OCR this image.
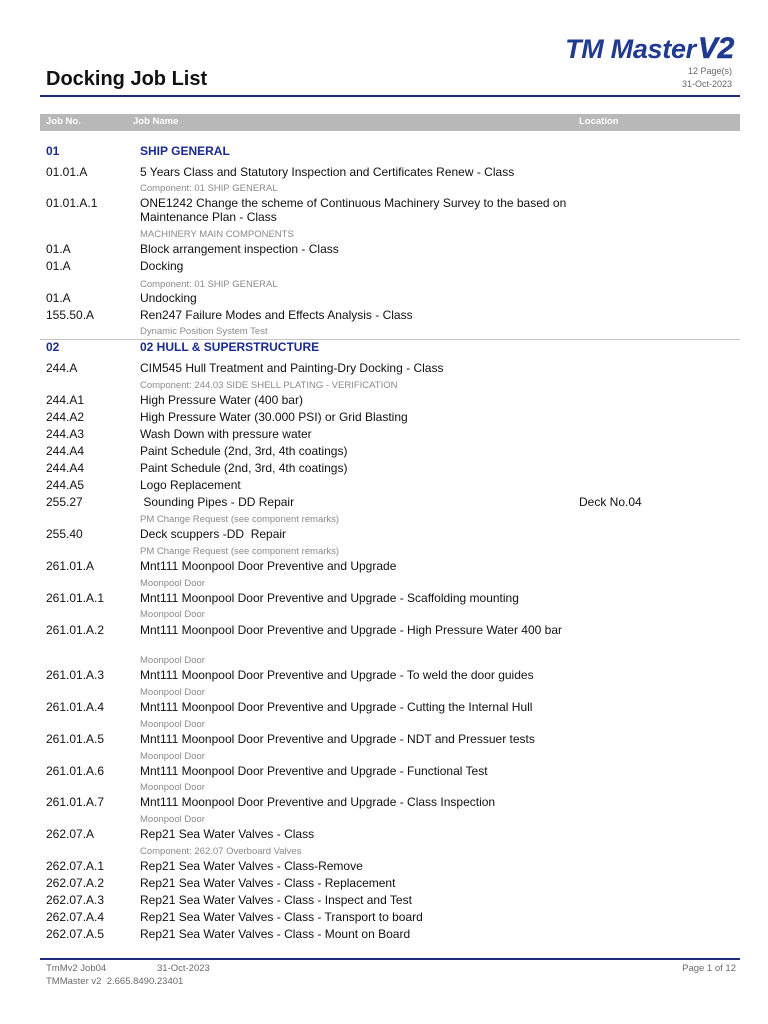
Docking Job List
TM MasterV2
12 Page(s)
31-Oct-2023
Job No.	Job Name	Location
01	SHIP GENERAL
01.01.A	5 Years Class and Statutory Inspection and Certificates Renew - Class
Component: 01 SHIP GENERAL
01.01.A.1	ONE1242 Change the scheme of Continuous Machinery Survey to the based on Maintenance Plan - Class
MACHINERY MAIN COMPONENTS
01.A	Block arrangement inspection - Class
01.A	Docking
Component: 01 SHIP GENERAL
01.A	Undocking
155.50.A	Ren247 Failure Modes and Effects Analysis - Class
Dynamic Position System Test
02	02 HULL & SUPERSTRUCTURE
244.A	CIM545 Hull Treatment and Painting-Dry Docking - Class
Component: 244.03 SIDE SHELL PLATING - VERIFICATION
244.A1	High Pressure Water (400 bar)
244.A2	High Pressure Water (30.000 PSI) or Grid Blasting
244.A3	Wash Down with pressure water
244.A4	Paint Schedule (2nd, 3rd, 4th coatings)
244.A4	Paint Schedule (2nd, 3rd, 4th coatings)
244.A5	Logo Replacement
255.27	Sounding Pipes - DD Repair	Deck No.04
PM Change Request (see component remarks)
255.40	Deck scuppers -DD  Repair
PM Change Request (see component remarks)
261.01.A	Mnt111 Moonpool Door Preventive and Upgrade
Moonpool Door
261.01.A.1	Mnt111 Moonpool Door Preventive and Upgrade - Scaffolding mounting
Moonpool Door
261.01.A.2	Mnt111 Moonpool Door Preventive and Upgrade - High Pressure Water 400 bar
Moonpool Door
261.01.A.3	Mnt111 Moonpool Door Preventive and Upgrade - To weld the door guides
Moonpool Door
261.01.A.4	Mnt111 Moonpool Door Preventive and Upgrade - Cutting the Internal Hull
Moonpool Door
261.01.A.5	Mnt111 Moonpool Door Preventive and Upgrade - NDT and Pressuer tests
Moonpool Door
261.01.A.6	Mnt111 Moonpool Door Preventive and Upgrade - Functional Test
Moonpool Door
261.01.A.7	Mnt111 Moonpool Door Preventive and Upgrade - Class Inspection
Moonpool Door
262.07.A	Rep21 Sea Water Valves - Class
Component: 262.07 Overboard Valves
262.07.A.1	Rep21 Sea Water Valves - Class-Remove
262.07.A.2	Rep21 Sea Water Valves - Class - Replacement
262.07.A.3	Rep21 Sea Water Valves - Class - Inspect and Test
262.07.A.4	Rep21 Sea Water Valves - Class - Transport to board
262.07.A.5	Rep21 Sea Water Valves - Class - Mount on Board
TmMv2 Job04	31-Oct-2023
TMMaster v2  2.665.8490.23401
Page 1 of 12
